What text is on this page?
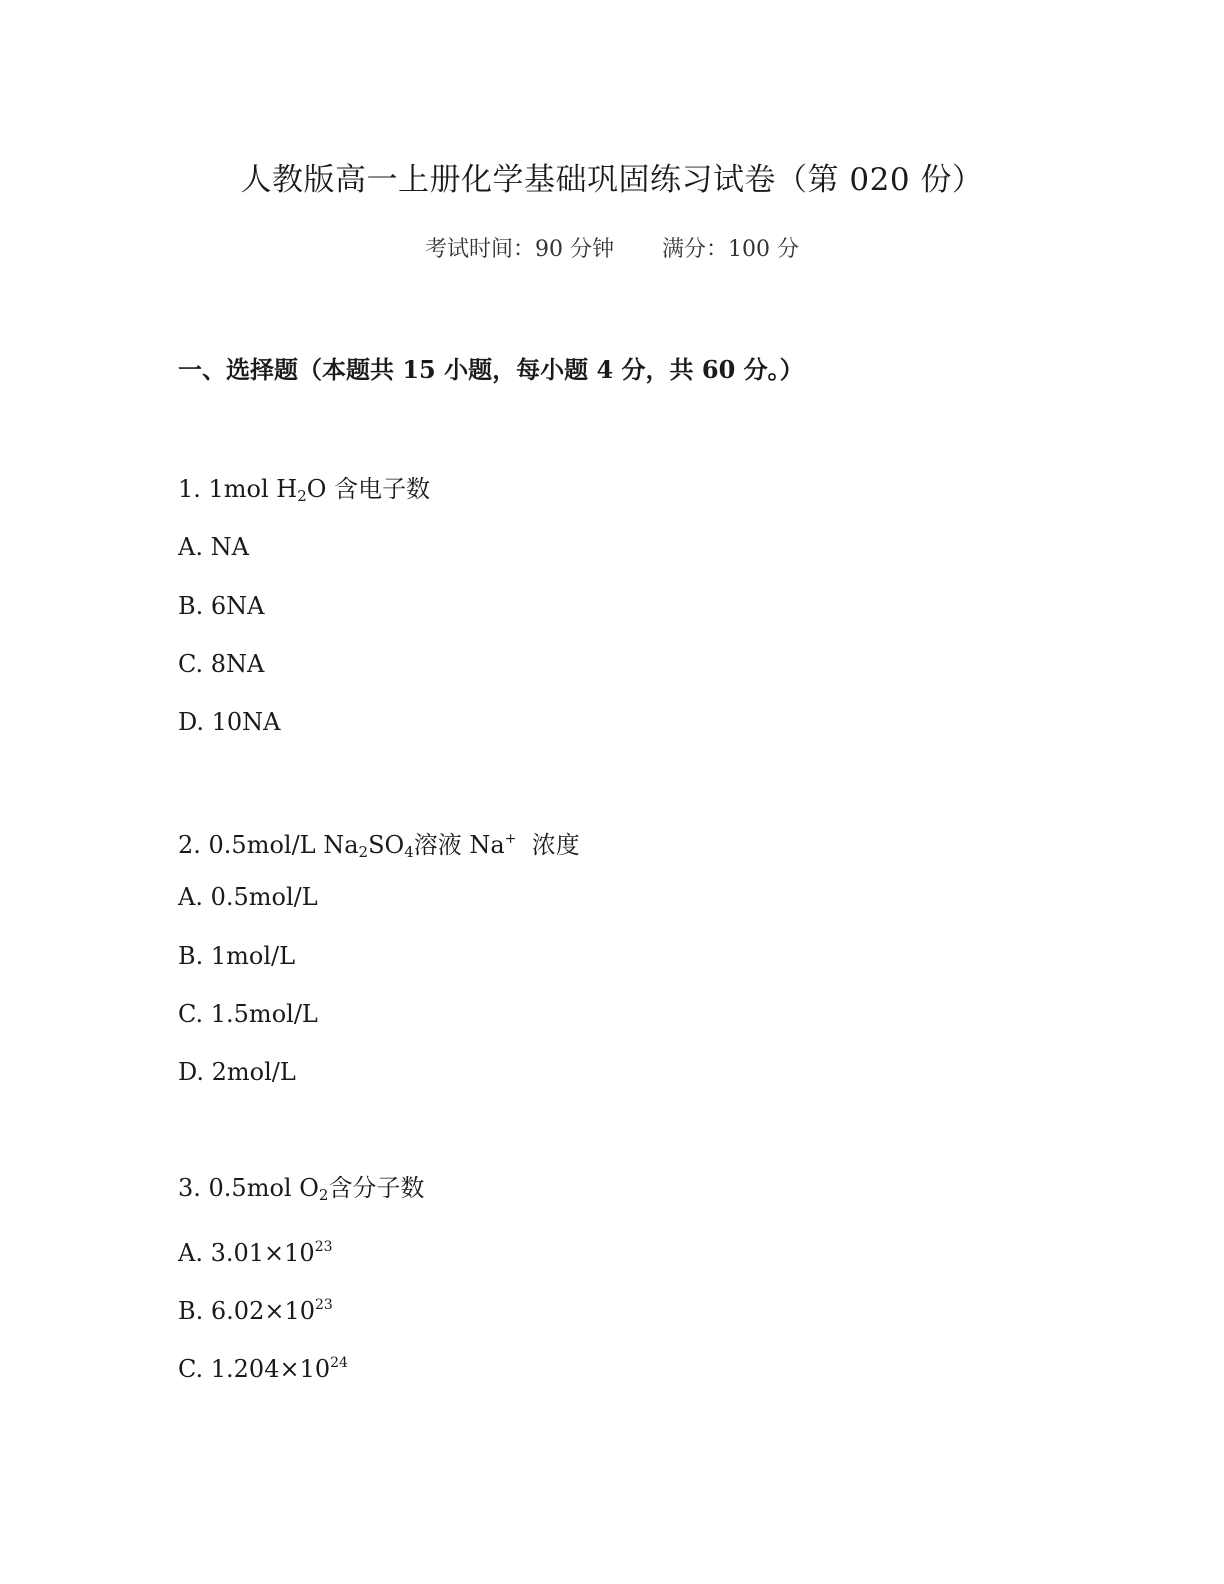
人教版高一上册化学基础巩固练习试卷（第 020 份）
考试时间：90 分钟 满分：100 分
一、选择题（本题共 15 小题，每小题 4 分，共 60 分。）
1. 1mol $H_2O$ 含电子数
A. NA
B. 6NA
C. 8NA
D. 10NA
2. 0.5mol/L $Na_2SO_4$溶液 Na+  浓度
A. 0.5mol/L
B. 1mol/L
C. 1.5mol/L
D. 2mol/L
3. 0.5mol $O_2$含分子数
A. $3.01\times 10^{23}$
B. $6.02\times 10^{23}$
C. $1.204\times 10^{24}$
